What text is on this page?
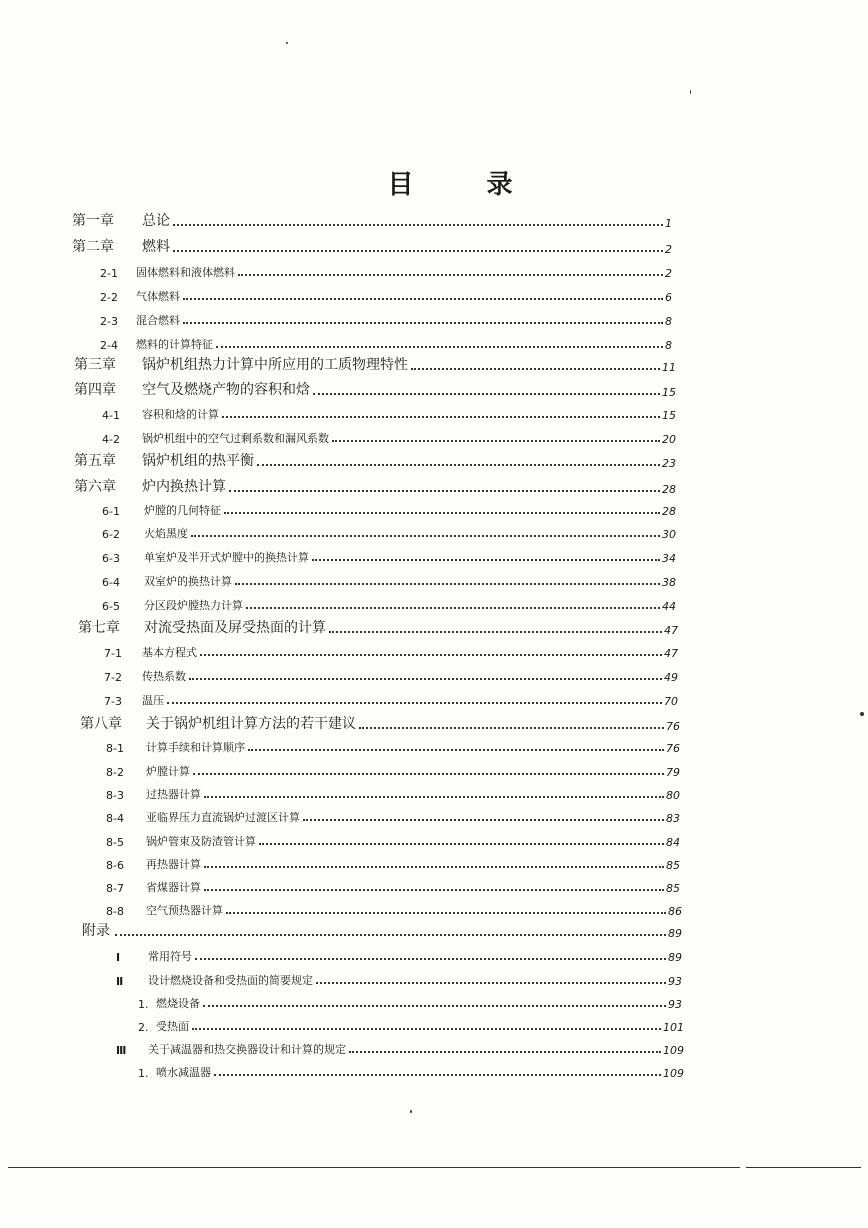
目 录
第一章	总论	1
第二章	燃料	2
2-1	固体燃料和液体燃料	2
2-2	气体燃料	6
2-3	混合燃料	8
2-4	燃料的计算特征	8
第三章	锅炉机组热力计算中所应用的工质物理特性	11
第四章	空气及燃烧产物的容积和焓	15
4-1	容积和焓的计算	15
4-2	锅炉机组中的空气过剩系数和漏风系数	20
第五章	锅炉机组的热平衡	23
第六章	炉内换热计算	28
6-1	炉膛的几何特征	28
6-2	火焰黑度	30
6-3	单室炉及半开式炉膛中的换热计算	34
6-4	双室炉的换热计算	38
6-5	分区段炉膛热力计算	44
第七章	对流受热面及屏受热面的计算	47
7-1	基本方程式	47
7-2	传热系数	49
7-3	温压	70
第八章	关于锅炉机组计算方法的若干建议	76
8-1	计算手续和计算顺序	76
8-2	炉膛计算	79
8-3	过热器计算	80
8-4	亚临界压力直流锅炉过渡区计算	83
8-5	锅炉管束及防渣管计算	84
8-6	再热器计算	85
8-7	省煤器计算	85
8-8	空气预热器计算	86
附录	89
Ⅰ	常用符号	89
Ⅱ	设计燃烧设备和受热面的简要规定	93
1. 燃烧设备	93
2. 受热面	101
Ⅲ	关于减温器和热交换器设计和计算的规定	109
1. 喷水减温器	109
